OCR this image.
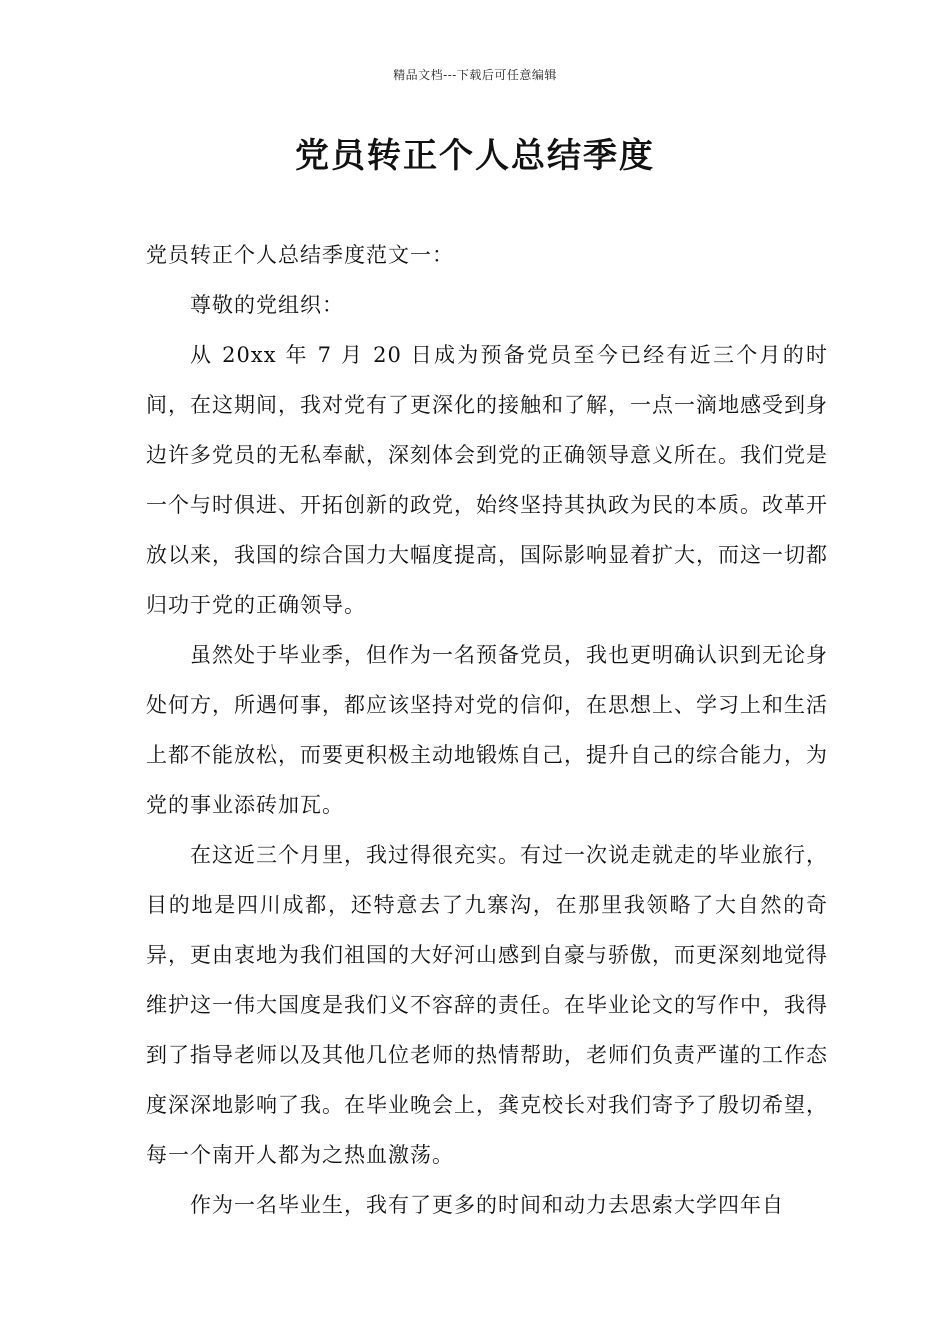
精品文档---下载后可任意编辑
党员转正个人总结季度

党员转正个人总结季度范文一：

尊敬的党组织：

从 20xx 年 7 月 20 日成为预备党员至今已经有近三个月的时间，在这期间，我对党有了更深化的接触和了解，一点一滴地感受到身边许多党员的无私奉献，深刻体会到党的正确领导意义所在。我们党是一个与时俱进、开拓创新的政党，始终坚持其执政为民的本质。改革开放以来，我国的综合国力大幅度提高，国际影响显着扩大，而这一切都归功于党的正确领导。

虽然处于毕业季，但作为一名预备党员，我也更明确认识到无论身处何方，所遇何事，都应该坚持对党的信仰，在思想上、学习上和生活上都不能放松，而要更积极主动地锻炼自己，提升自己的综合能力，为党的事业添砖加瓦。

在这近三个月里，我过得很充实。有过一次说走就走的毕业旅行，目的地是四川成都，还特意去了九寨沟，在那里我领略了大自然的奇异，更由衷地为我们祖国的大好河山感到自豪与骄傲，而更深刻地觉得维护这一伟大国度是我们义不容辞的责任。在毕业论文的写作中，我得到了指导老师以及其他几位老师的热情帮助，老师们负责严谨的工作态度深深地影响了我。在毕业晚会上，龚克校长对我们寄予了殷切希望，每一个南开人都为之热血激荡。

作为一名毕业生，我有了更多的时间和动力去思索大学四年自
